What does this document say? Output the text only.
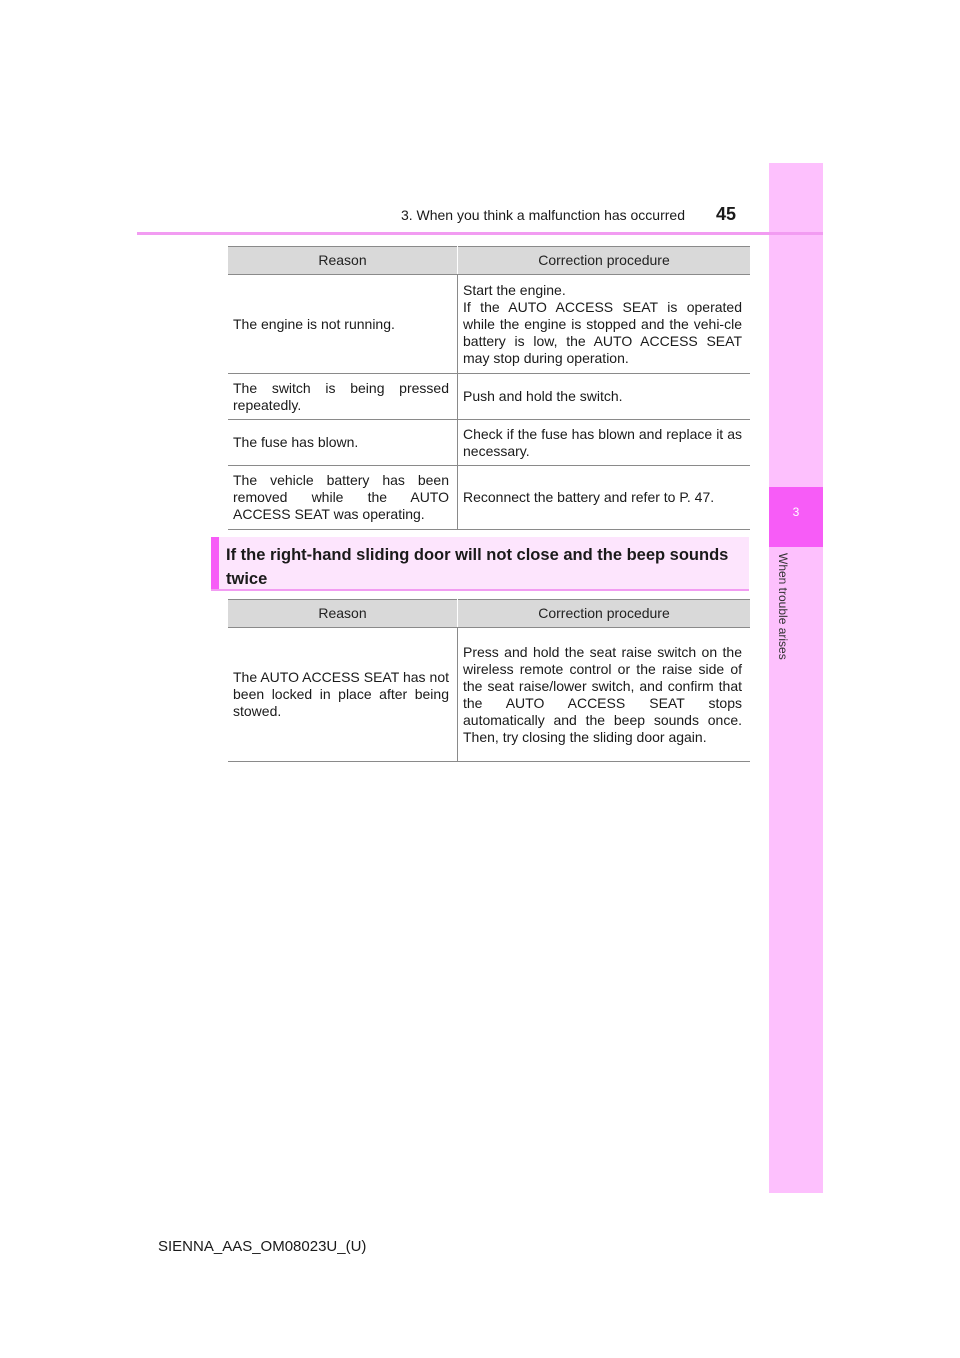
3
When trouble arises
3. When you think a malfunction has occurred 45
Reason	Correction procedure
The engine is not running.	Start the engine.
If the AUTO ACCESS SEAT is operated while the engine is stopped and the vehi-cle battery is low, the AUTO ACCESS SEAT may stop during operation.

The switch is being pressed repeatedly.	Push and hold the switch.
The fuse has blown.	Check if the fuse has blown and replace it as necessary.
The vehicle battery has been removed while the AUTO ACCESS SEAT was operating.	Reconnect the battery and refer to P. 47.
If the right-hand sliding door will not close and the beep sounds twice
Reason	Correction procedure
The AUTO ACCESS SEAT has not been locked in place after being stowed.	Press and hold the seat raise switch on the wireless remote control or the raise side of the seat raise/lower switch, and confirm that the AUTO ACCESS SEAT stops automatically and the beep sounds once. Then, try closing the sliding door again.
SIENNA_AAS_OM08023U_(U)
